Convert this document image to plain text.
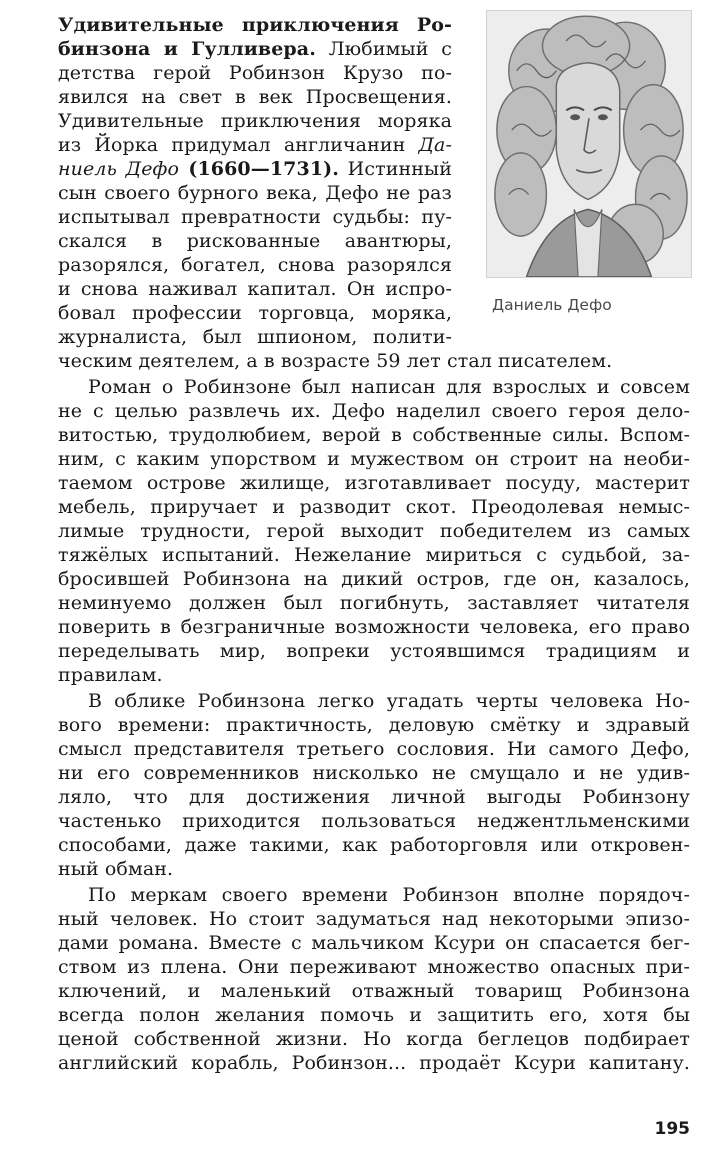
Даниель Дефо
Удивительные приключения Ро-
бинзона и Гулливера. Любимый с
детства герой Робинзон Крузо по-
явился на свет в век Просвещения.
Удивительные приключения моряка
из Йорка придумал англичанин Да-
ниель Дефо (1660—1731). Истинный
сын своего бурного века, Дефо не раз
испытывал превратности судьбы: пу-
скался в рискованные авантюры,
разорялся, богател, снова разорялся
и снова наживал капитал. Он испро-
бовал профессии торговца, моряка,
журналиста, был шпионом, полити-
ческим деятелем, а в возрасте 59 лет стал писателем.
Роман о Робинзоне был написан для взрослых и совсем
не с целью развлечь их. Дефо наделил своего героя дело-
витостью, трудолюбием, верой в собственные силы. Вспом-
ним, с каким упорством и мужеством он строит на необи-
таемом острове жилище, изготавливает посуду, мастерит
мебель, приручает и разводит скот. Преодолевая немыс-
лимые трудности, герой выходит победителем из самых
тяжёлых испытаний. Нежелание мириться с судьбой, за-
бросившей Робинзона на дикий остров, где он, казалось,
неминуемо должен был погибнуть, заставляет читателя
поверить в безграничные возможности человека, его право
переделывать мир, вопреки устоявшимся традициям и
правилам.
В облике Робинзона легко угадать черты человека Но-
вого времени: практичность, деловую смётку и здравый
смысл представителя третьего сословия. Ни самого Дефо,
ни его современников нисколько не смущало и не удив-
ляло, что для достижения личной выгоды Робинзону
частенько приходится пользоваться неджентльменскими
способами, даже такими, как работорговля или откровен-
ный обман.
По меркам своего времени Робинзон вполне порядоч-
ный человек. Но стоит задуматься над некоторыми эпизо-
дами романа. Вместе с мальчиком Ксури он спасается бег-
ством из плена. Они переживают множество опасных при-
ключений, и маленький отважный товарищ Робинзона
всегда полон желания помочь и защитить его, хотя бы
ценой собственной жизни. Но когда беглецов подбирает
английский корабль, Робинзон... продаёт Ксури капитану.
195
